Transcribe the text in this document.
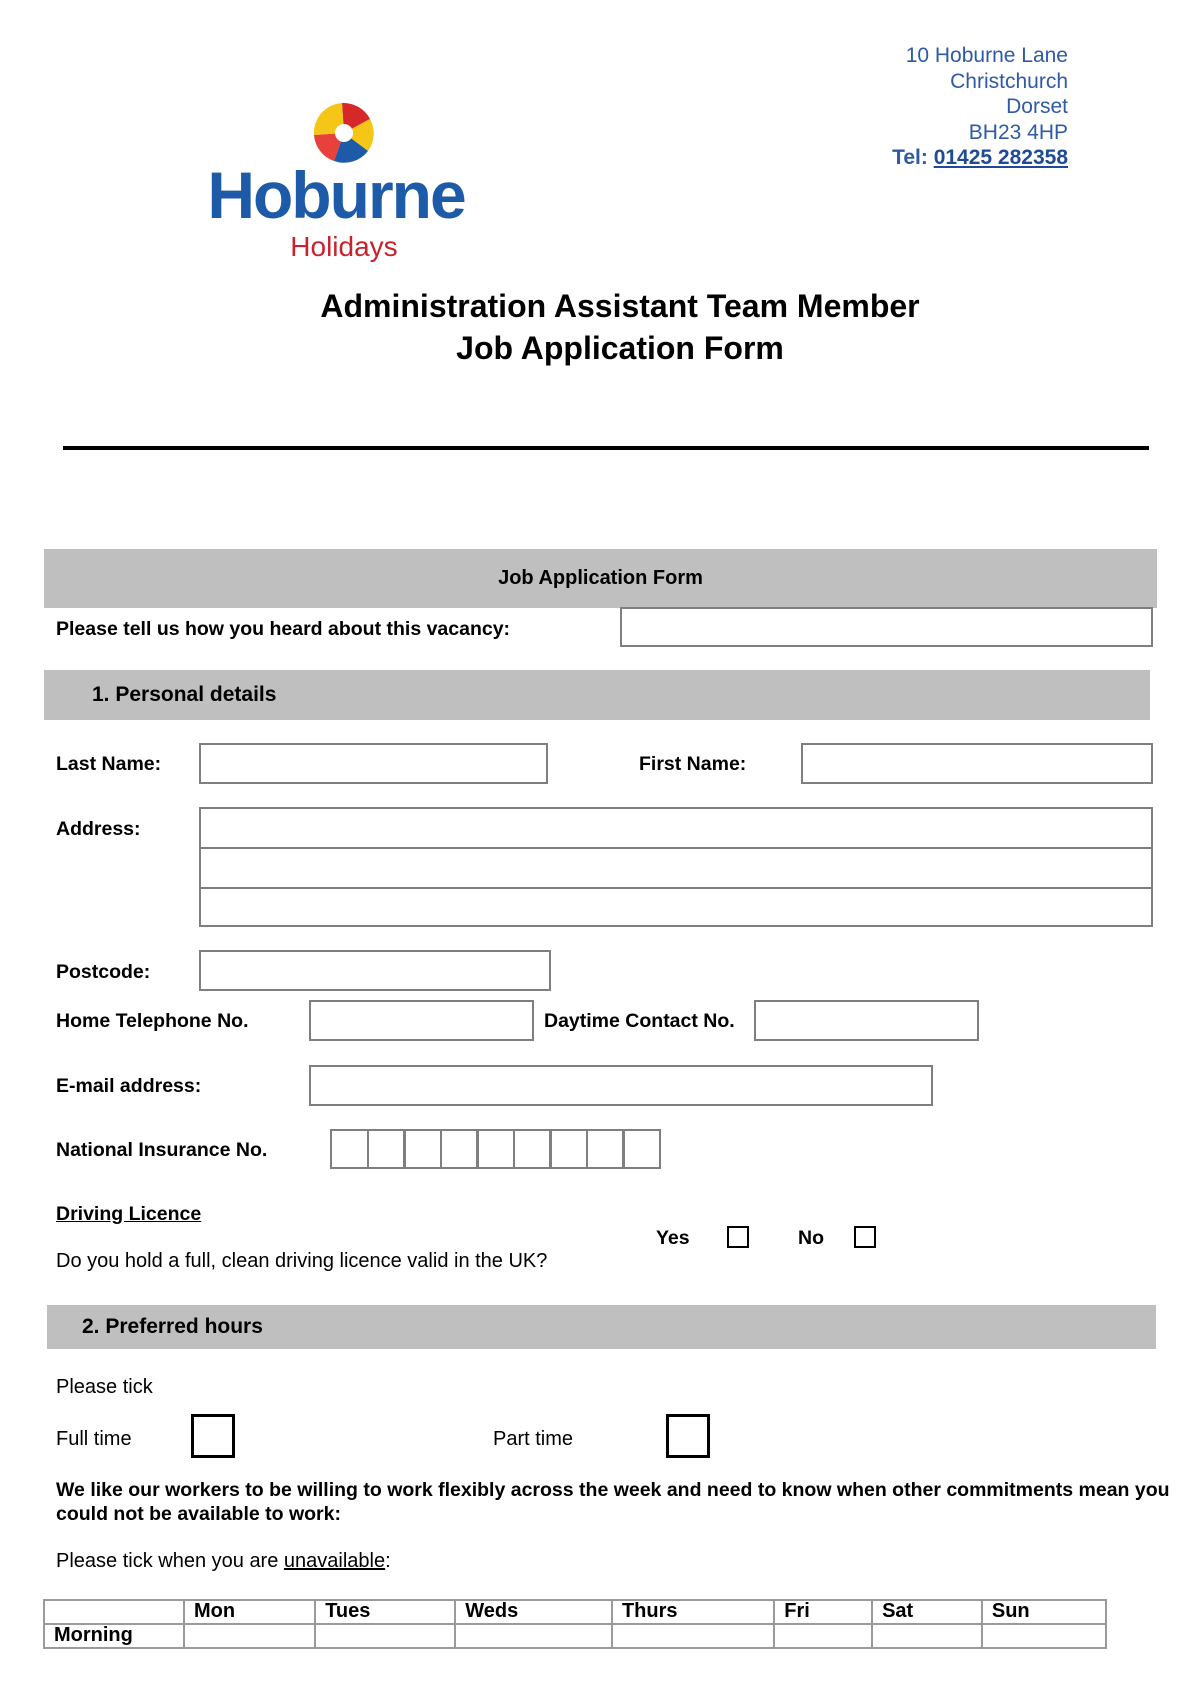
10 Hoburne Lane
Christchurch
Dorset
BH23 4HP
Tel: 01425 282358
Hoburne
Holidays
Administration Assistant Team Member
Job Application Form
Job Application Form
Please tell us how you heard about this vacancy:
1. Personal details
Last Name:	First Name:
Address:
Postcode:
Home Telephone No.	Daytime Contact No.
E-mail address:
National Insurance No.
Driving Licence
Do you hold a full, clean driving licence valid in the UK?
Yes	No
2. Preferred hours
Please tick
Full time	Part time
We like our workers to be willing to work flexibly across the week and need to know when other commitments mean you could not be available to work:
Please tick when you are unavailable:
	Mon	Tues	Weds	Thurs	Fri	Sat	Sun
Morning							
